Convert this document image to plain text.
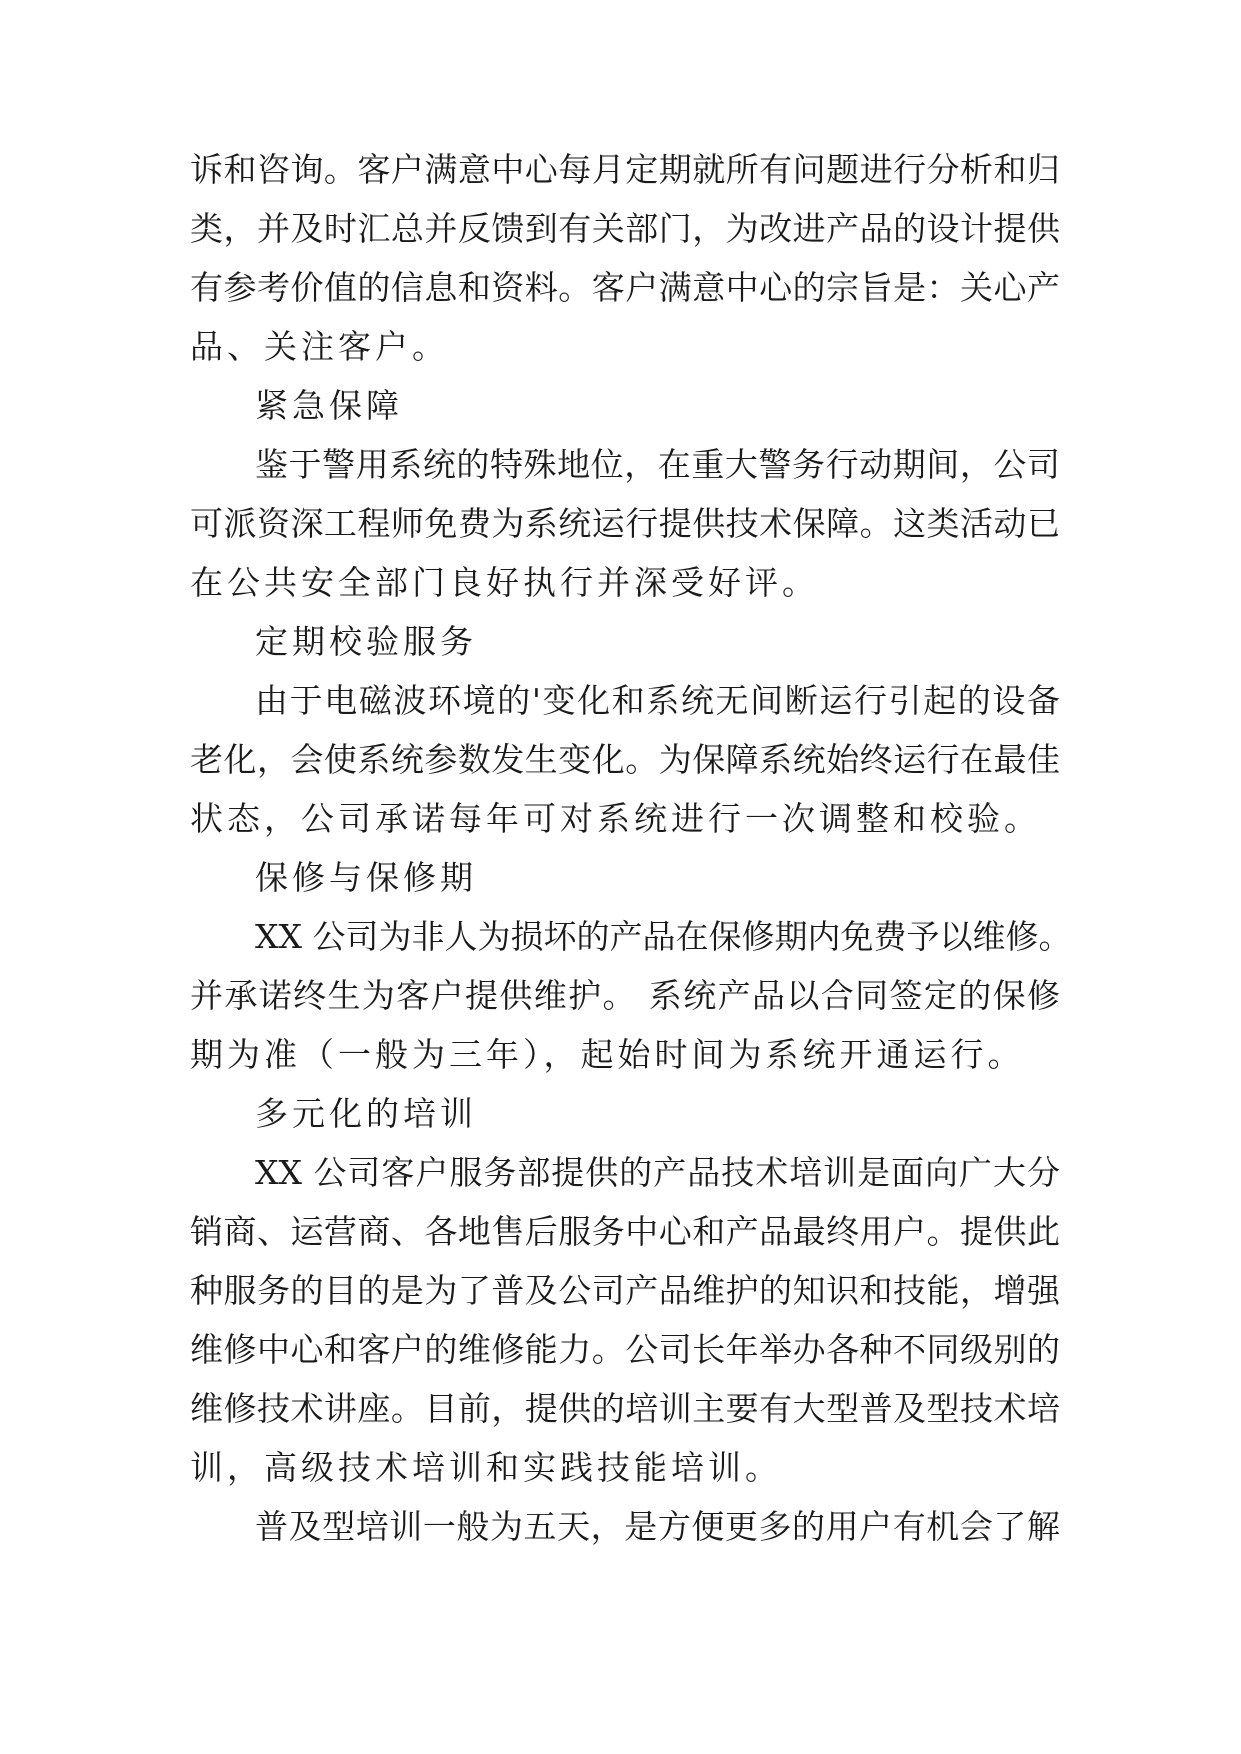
诉和咨询。客户满意中心每月定期就所有问题进行分析和归
类，并及时汇总并反馈到有关部门，为改进产品的设计提供
有参考价值的信息和资料。客户满意中心的宗旨是：关心产
品、关注客户。
紧急保障
鉴于警用系统的特殊地位，在重大警务行动期间，公司
可派资深工程师免费为系统运行提供技术保障。这类活动已
在公共安全部门良好执行并深受好评。
定期校验服务
由于电磁波环境的'变化和系统无间断运行引起的设备
老化，会使系统参数发生变化。为保障系统始终运行在最佳
状态，公司承诺每年可对系统进行一次调整和校验。
保修与保修期
XX 公司为非人为损坏的产品在保修期内免费予以维修。
并承诺终生为客户提供维护。 系统产品以合同签定的保修
期为准（一般为三年），起始时间为系统开通运行。
多元化的培训
XX 公司客户服务部提供的产品技术培训是面向广大分
销商、运营商、各地售后服务中心和产品最终用户。提供此
种服务的目的是为了普及公司产品维护的知识和技能，增强
维修中心和客户的维修能力。公司长年举办各种不同级别的
维修技术讲座。目前，提供的培训主要有大型普及型技术培
训，高级技术培训和实践技能培训。
普及型培训一般为五天，是方便更多的用户有机会了解
